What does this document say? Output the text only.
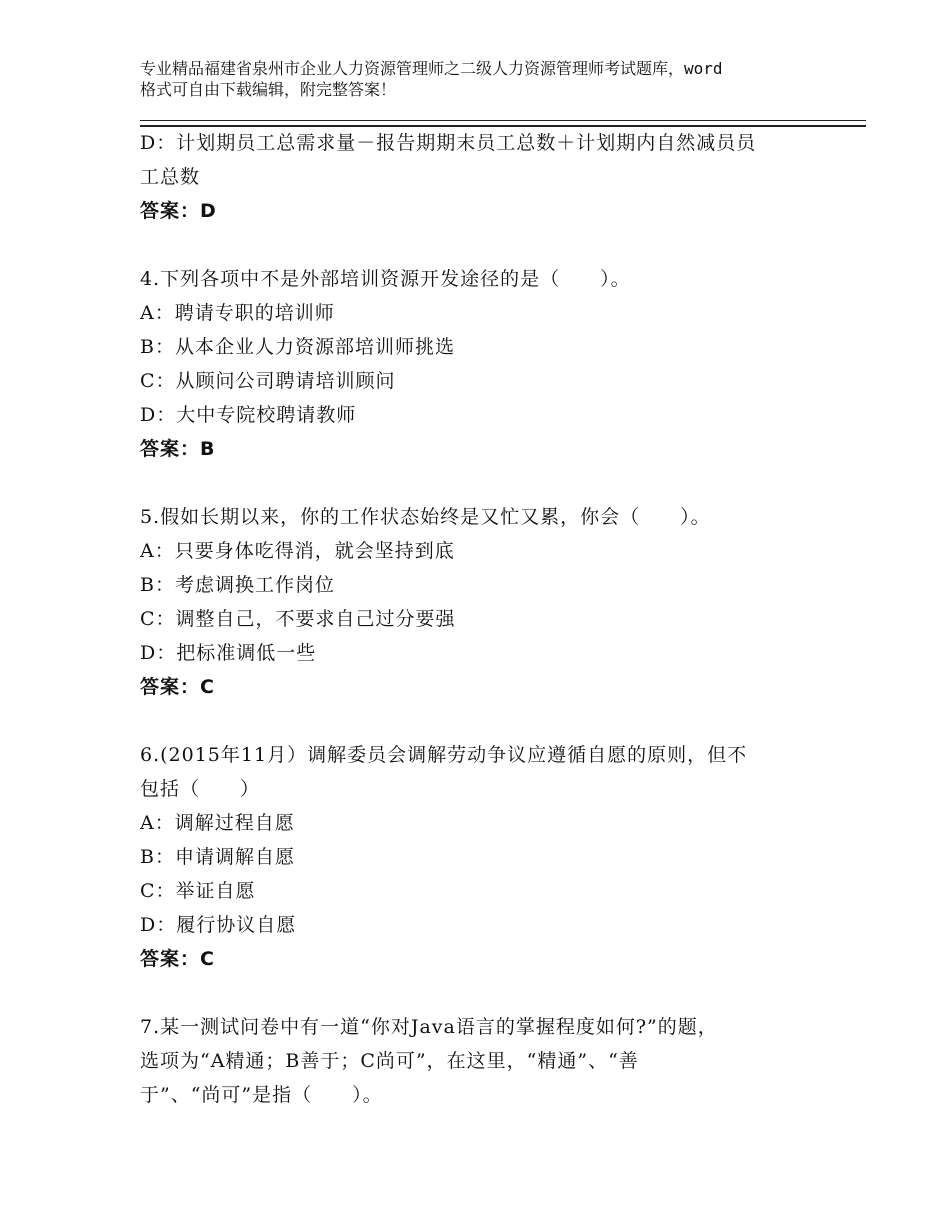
专业精品福建省泉州市企业人力资源管理师之二级人力资源管理师考试题库，word
格式可自由下载编辑，附完整答案！

D：计划期员工总需求量－报告期期末员工总数＋计划期内自然减员员

工总数

答案：D

4.下列各项中不是外部培训资源开发途径的是（　　）。

A：聘请专职的培训师

B：从本企业人力资源部培训师挑选

C：从顾问公司聘请培训顾问

D：大中专院校聘请教师

答案：B

5.假如长期以来，你的工作状态始终是又忙又累，你会（　　）。

A：只要身体吃得消，就会坚持到底

B：考虑调换工作岗位

C：调整自己，不要求自己过分要强

D：把标准调低一些

答案：C

6.(2015年11月）调解委员会调解劳动争议应遵循自愿的原则，但不

包括（　　）

A：调解过程自愿

B：申请调解自愿

C：举证自愿

D：履行协议自愿

答案：C

7.某一测试问卷中有一道“你对Java语言的掌握程度如何?”的题，

选项为“A精通；B善于；C尚可”，在这里，“精通”、“善

于”、“尚可”是指（　　）。
